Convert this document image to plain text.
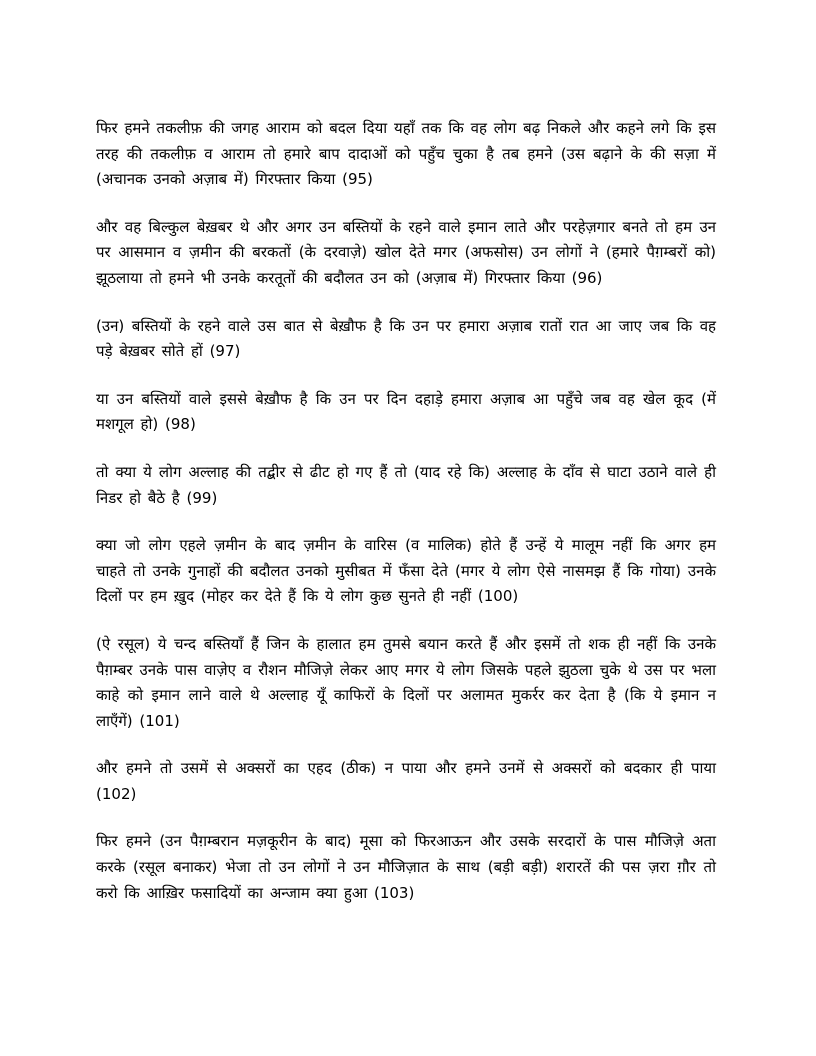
फिर हमने तकलीफ़ की जगह आराम को बदल दिया यहाँ तक कि वह लोग बढ़ निकले और कहने लगे कि इस तरह की तकलीफ़ व आराम तो हमारे बाप दादाओं को पहुँच चुका है तब हमने (उस बढ़ाने के की सज़ा में (अचानक उनको अज़ाब में) गिरफ्तार किया (95)

और वह बिल्कुल बेख़बर थे और अगर उन बस्तियों के रहने वाले इमान लाते और परहेज़गार बनते तो हम उन पर आसमान व ज़मीन की बरकतों (के दरवाज़े) खोल देते मगर (अफसोस) उन लोगों ने (हमारे पैग़म्बरों को) झूठलाया तो हमने भी उनके करतूतों की बदौलत उन को (अज़ाब में) गिरफ्तार किया (96)

(उन) बस्तियों के रहने वाले उस बात से बेख़ौफ है कि उन पर हमारा अज़ाब रातों रात आ जाए जब कि वह पड़े बेख़बर सोते हों (97)

या उन बस्तियों वाले इससे बेख़ौफ है कि उन पर दिन दहाड़े हमारा अज़ाब आ पहुँचे जब वह खेल कूद (में मशगूल हो) (98)

तो क्या ये लोग अल्लाह की तद्बीर से ढीट हो गए हैं तो (याद रहे कि) अल्लाह के दाँव से घाटा उठाने वाले ही निडर हो बैठे है (99)

क्या जो लोग एहले ज़मीन के बाद ज़मीन के वारिस (व मालिक) होते हैं उन्हें ये मालूम नहीं कि अगर हम चाहते तो उनके गुनाहों की बदौलत उनको मुसीबत में फँसा देते (मगर ये लोग ऐसे नासमझ हैं कि गोया) उनके दिलों पर हम ख़ुद (मोहर कर देते हैं कि ये लोग कुछ सुनते ही नहीं (100)

(ऐ रसूल) ये चन्द बस्तियाँ हैं जिन के हालात हम तुमसे बयान करते हैं और इसमें तो शक ही नहीं कि उनके पैग़म्बर उनके पास वाज़ेए व रौशन मौजिज़े लेकर आए मगर ये लोग जिसके पहले झुठला चुके थे उस पर भला काहे को इमान लाने वाले थे अल्लाह यूँ काफिरों के दिलों पर अलामत मुकर्रर कर देता है (कि ये इमान न लाएँगें) (101)

और हमने तो उसमें से अक्सरों का एहद (ठीक) न पाया और हमने उनमें से अक्सरों को बदकार ही पाया (102)

फिर हमने (उन पैग़म्बरान मज़कूरीन के बाद) मूसा को फिरआऊन और उसके सरदारों के पास मौजिज़े अता करके (रसूल बनाकर) भेजा तो उन लोगों ने उन मौजिज़ात के साथ (बड़ी बड़ी) शरारतें की पस ज़रा ग़ौर तो करो कि आख़िर फसादियों का अन्जाम क्या हुआ (103)
